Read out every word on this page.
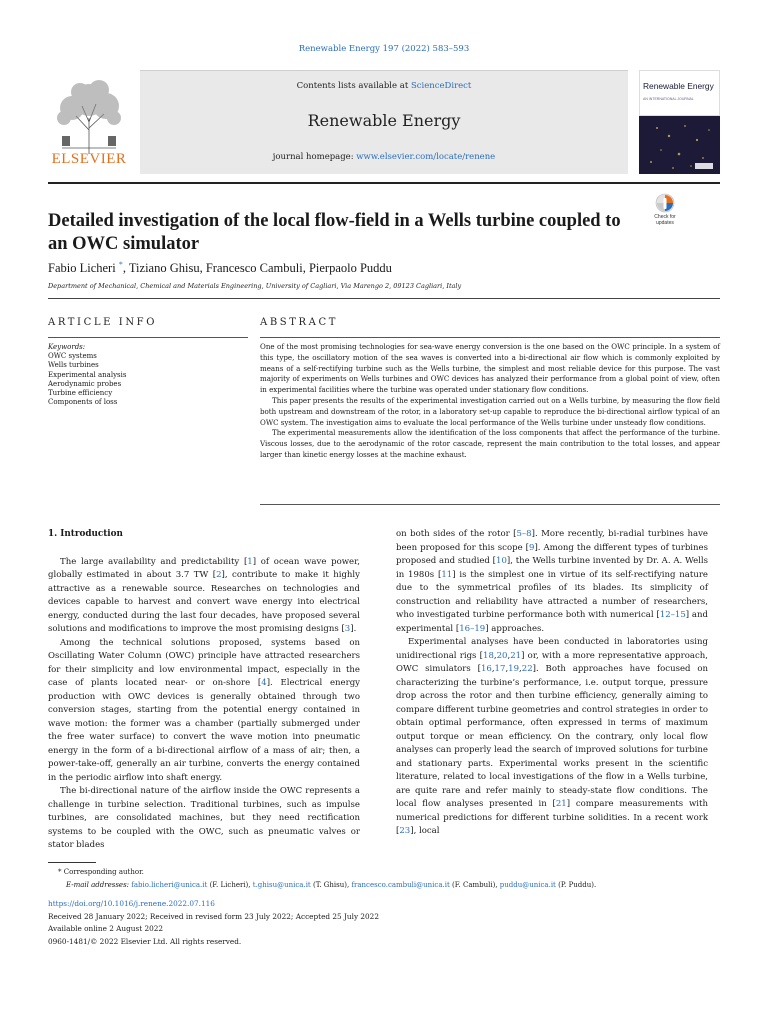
Renewable Energy 197 (2022) 583–593
ELSEVIER
Contents lists available at ScienceDirect
Renewable Energy
journal homepage: www.elsevier.com/locate/renene
Renewable Energy
AN INTERNATIONAL JOURNAL
Detailed investigation of the local flow-field in a Wells turbine coupled to an OWC simulator
Check for
updates
Fabio Licheri *, Tiziano Ghisu, Francesco Cambuli, Pierpaolo Puddu
Department of Mechanical, Chemical and Materials Engineering, University of Cagliari, Via Marengo 2, 09123 Cagliari, Italy
ARTICLE INFO	ABSTRACT
Keywords:
OWC systems
Wells turbines
Experimental analysis
Aerodynamic probes
Turbine efficiency
Components of loss

One of the most promising technologies for sea-wave energy conversion is the one based on the OWC principle. In a system of this type, the oscillatory motion of the sea waves is converted into a bi-directional air flow which is commonly exploited by means of a self-rectifying turbine such as the Wells turbine, the simplest and most reliable device for this purpose. The vast majority of experiments on Wells turbines and OWC devices has analyzed their performance from a global point of view, often in experimental facilities where the turbine was operated under stationary flow conditions.

This paper presents the results of the experimental investigation carried out on a Wells turbine, by measuring the flow field both upstream and downstream of the rotor, in a laboratory set-up capable to reproduce the bi-directional airflow typical of an OWC system. The investigation aims to evaluate the local performance of the Wells turbine under unsteady flow conditions.

The experimental measurements allow the identification of the loss components that affect the performance of the turbine. Viscous losses, due to the aerodynamic of the rotor cascade, represent the main contribution to the total losses, and appear larger than kinetic energy losses at the machine exhaust.

1. Introduction

The large availability and predictability [1] of ocean wave power, globally estimated in about 3.7 TW [2], contribute to make it highly attractive as a renewable source. Researches on technologies and devices capable to harvest and convert wave energy into electrical energy, conducted during the last four decades, have proposed several solutions and modifications to improve the most promising designs [3].

Among the technical solutions proposed, systems based on Oscillating Water Column (OWC) principle have attracted researchers for their simplicity and low environmental impact, especially in the case of plants located near- or on-shore [4]. Electrical energy production with OWC devices is generally obtained through two conversion stages, starting from the potential energy contained in wave motion: the former was a chamber (partially submerged under the free water surface) to convert the wave motion into pneumatic energy in the form of a bi-directional airflow of a mass of air; then, a power-take-off, generally an air turbine, converts the energy contained in the periodic airflow into shaft energy.

The bi-directional nature of the airflow inside the OWC represents a challenge in turbine selection. Traditional turbines, such as impulse turbines, are consolidated machines, but they need rectification systems to be coupled with the OWC, such as pneumatic valves or stator blades

on both sides of the rotor [5–8]. More recently, bi-radial turbines have been proposed for this scope [9]. Among the different types of turbines proposed and studied [10], the Wells turbine invented by Dr. A. A. Wells in 1980s [11] is the simplest one in virtue of its self-rectifying nature due to the symmetrical profiles of its blades. Its simplicity of construction and reliability have attracted a number of researchers, who investigated turbine performance both with numerical [12–15] and experimental [16–19] approaches.

Experimental analyses have been conducted in laboratories using unidirectional rigs [18,20,21] or, with a more representative approach, OWC simulators [16,17,19,22]. Both approaches have focused on characterizing the turbine’s performance, i.e. output torque, pressure drop across the rotor and then turbine efficiency, generally aiming to compare different turbine geometries and control strategies in order to obtain optimal performance, often expressed in terms of maximum output torque or mean efficiency. On the contrary, only local flow analyses can properly lead the search of improved solutions for turbine and stationary parts. Experimental works present in the scientific literature, related to local investigations of the flow in a Wells turbine, are quite rare and refer mainly to steady-state flow conditions. The local flow analyses presented in [21] compare measurements with numerical predictions for different turbine solidities. In a recent work [23], local

* Corresponding author.
E-mail addresses: fabio.licheri@unica.it (F. Licheri), t.ghisu@unica.it (T. Ghisu), francesco.cambuli@unica.it (F. Cambuli), puddu@unica.it (P. Puddu).
https://doi.org/10.1016/j.renene.2022.07.116
Received 28 January 2022; Received in revised form 23 July 2022; Accepted 25 July 2022
Available online 2 August 2022
0960-1481/© 2022 Elsevier Ltd. All rights reserved.
